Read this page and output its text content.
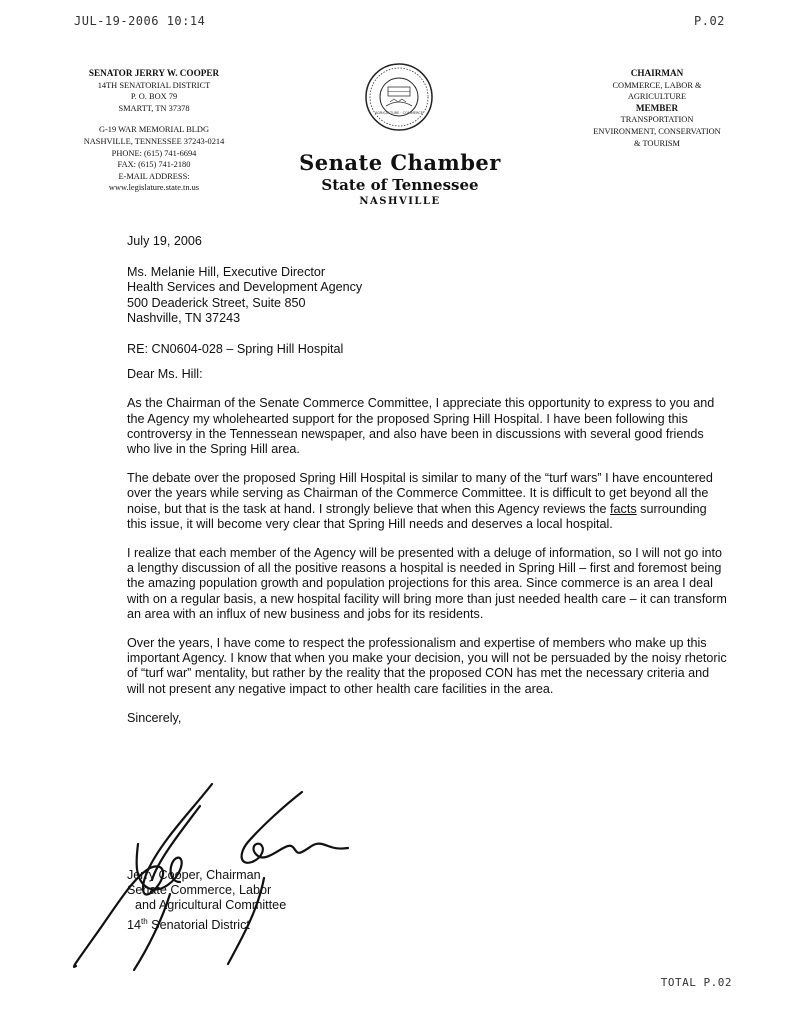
JUL-19-2006 10:14	P.02
SENATOR JERRY W. COOPER
14TH SENATORIAL DISTRICT
P. O. BOX 79
SMARTT, TN 37378
G-19 WAR MEMORIAL BLDG
NASHVILLE, TENNESSEE 37243-0214
PHONE: (615) 741-6694
FAX: (615) 741-2180
E-MAIL ADDRESS:
www.legislature.state.tn.us
AGRICULTURE · COMMERCE
Senate Chamber
State of Tennessee
NASHVILLE
CHAIRMAN
COMMERCE, LABOR &
AGRICULTURE
MEMBER
TRANSPORTATION
ENVIRONMENT, CONSERVATION
& TOURISM

July 19, 2006

Ms. Melanie Hill, Executive Director
Health Services and Development Agency
500 Deaderick Street, Suite 850
Nashville, TN 37243

RE: CN0604-028 – Spring Hill Hospital

Dear Ms. Hill:

As the Chairman of the Senate Commerce Committee, I appreciate this opportunity to express to you and the Agency my wholehearted support for the proposed Spring Hill Hospital. I have been following this controversy in the Tennessean newspaper, and also have been in discussions with several good friends who live in the Spring Hill area.

The debate over the proposed Spring Hill Hospital is similar to many of the “turf wars” I have encountered over the years while serving as Chairman of the Commerce Committee. It is difficult to get beyond all the noise, but that is the task at hand. I strongly believe that when this Agency reviews the facts surrounding this issue, it will become very clear that Spring Hill needs and deserves a local hospital.

I realize that each member of the Agency will be presented with a deluge of information, so I will not go into a lengthy discussion of all the positive reasons a hospital is needed in Spring Hill – first and foremost being the amazing population growth and population projections for this area. Since commerce is an area I deal with on a regular basis, a new hospital facility will bring more than just needed health care – it can transform an area with an influx of new business and jobs for its residents.

Over the years, I have come to respect the professionalism and expertise of members who make up this important Agency. I know that when you make your decision, you will not be persuaded by the noisy rhetoric of “turf war” mentality, but rather by the reality that the proposed CON has met the necessary criteria and will not present any negative impact to other health care facilities in the area.

Sincerely,

Jerry Cooper, Chairman
Senate Commerce, Labor
and Agricultural Committee
14th Senatorial District
TOTAL P.02
